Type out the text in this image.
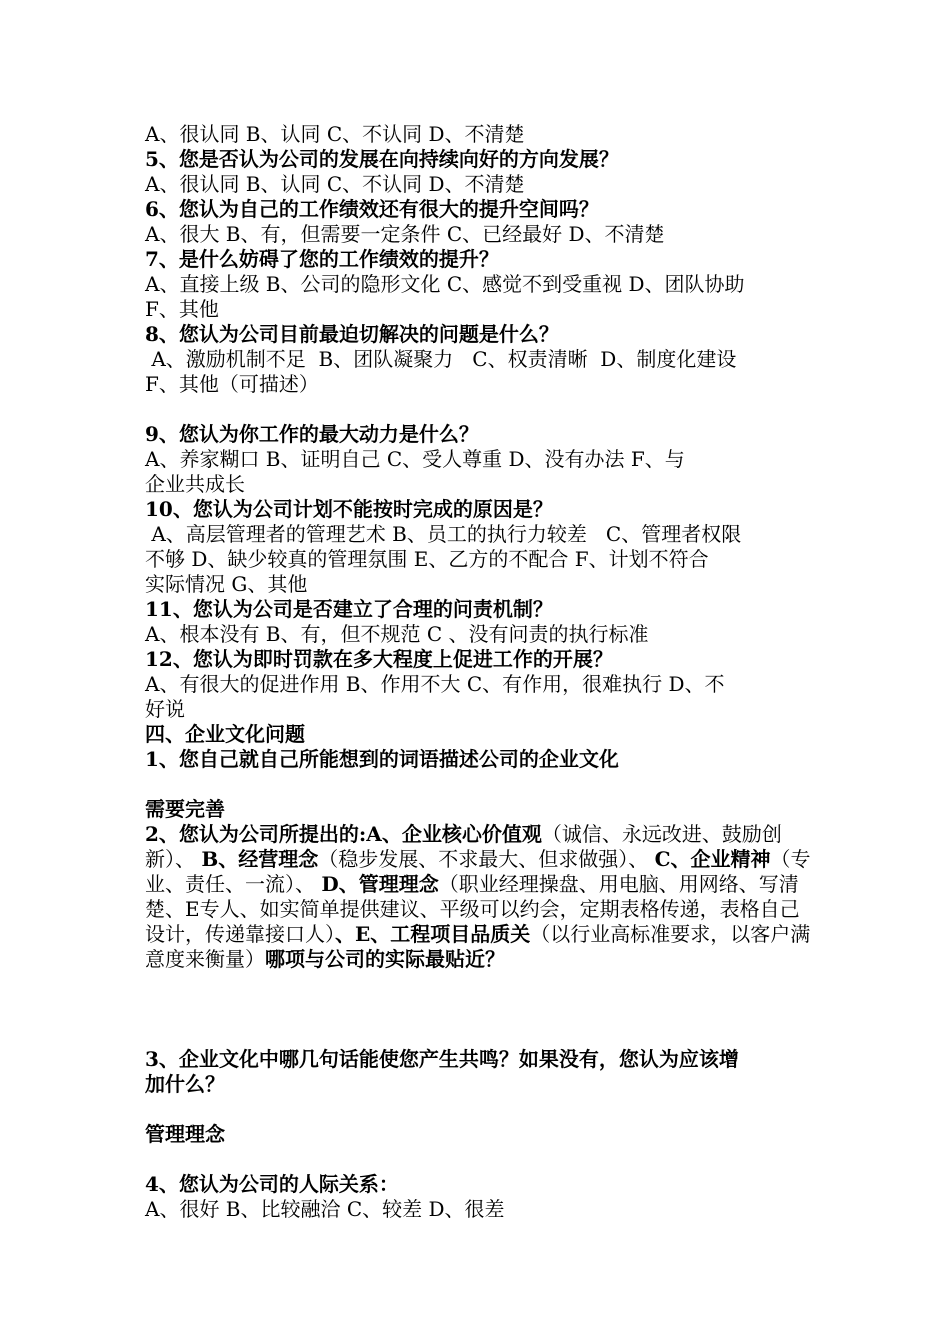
A、很认同 B、认同 C、不认同 D、不清楚
5、您是否认为公司的发展在向持续向好的方向发展？
A、很认同 B、认同 C、不认同 D、不清楚
6、您认为自己的工作绩效还有很大的提升空间吗？
A、很大 B、有，但需要一定条件 C、已经最好 D、不清楚
7、是什么妨碍了您的工作绩效的提升？
A、直接上级 B、公司的隐形文化 C、感觉不到受重视 D、团队协助
F、其他
8、您认为公司目前最迫切解决的问题是什么？
A、激励机制不足  B、团队凝聚力   C、权责清晰  D、制度化建设
F、其他（可描述）
9、您认为你工作的最大动力是什么？
A、养家糊口 B、证明自己 C、受人尊重 D、没有办法 F、与
企业共成长
10、您认为公司计划不能按时完成的原因是？
A、高层管理者的管理艺术 B、员工的执行力较差   C、管理者权限
不够 D、缺少较真的管理氛围 E、乙方的不配合 F、计划不符合
实际情况 G、其他
11、您认为公司是否建立了合理的问责机制？
A、根本没有 B、有，但不规范 C 、没有问责的执行标准
12、您认为即时罚款在多大程度上促进工作的开展？
A、有很大的促进作用 B、作用不大 C、有作用，很难执行 D、不
好说
四、企业文化问题
1、您自己就自己所能想到的词语描述公司的企业文化
需要完善
2、您认为公司所提出的:A、企业核心价值观（诚信、永远改进、鼓励创新）、 B、经营理念（稳步发展、不求最大、但求做强）、 C、企业精神（专业、责任、一流）、 D、管理理念（职业经理操盘、用电脑、用网络、写清楚、E专人、如实简单提供建议、平级可以约会，定期表格传递，表格自己设计，传递靠接口人）、E、工程项目品质关（以行业高标准要求，以客户满意度来衡量）哪项与公司的实际最贴近？
3、企业文化中哪几句话能使您产生共鸣？如果没有，您认为应该增
加什么？
管理理念
4、您认为公司的人际关系：
A、很好 B、比较融洽 C、较差 D、很差
